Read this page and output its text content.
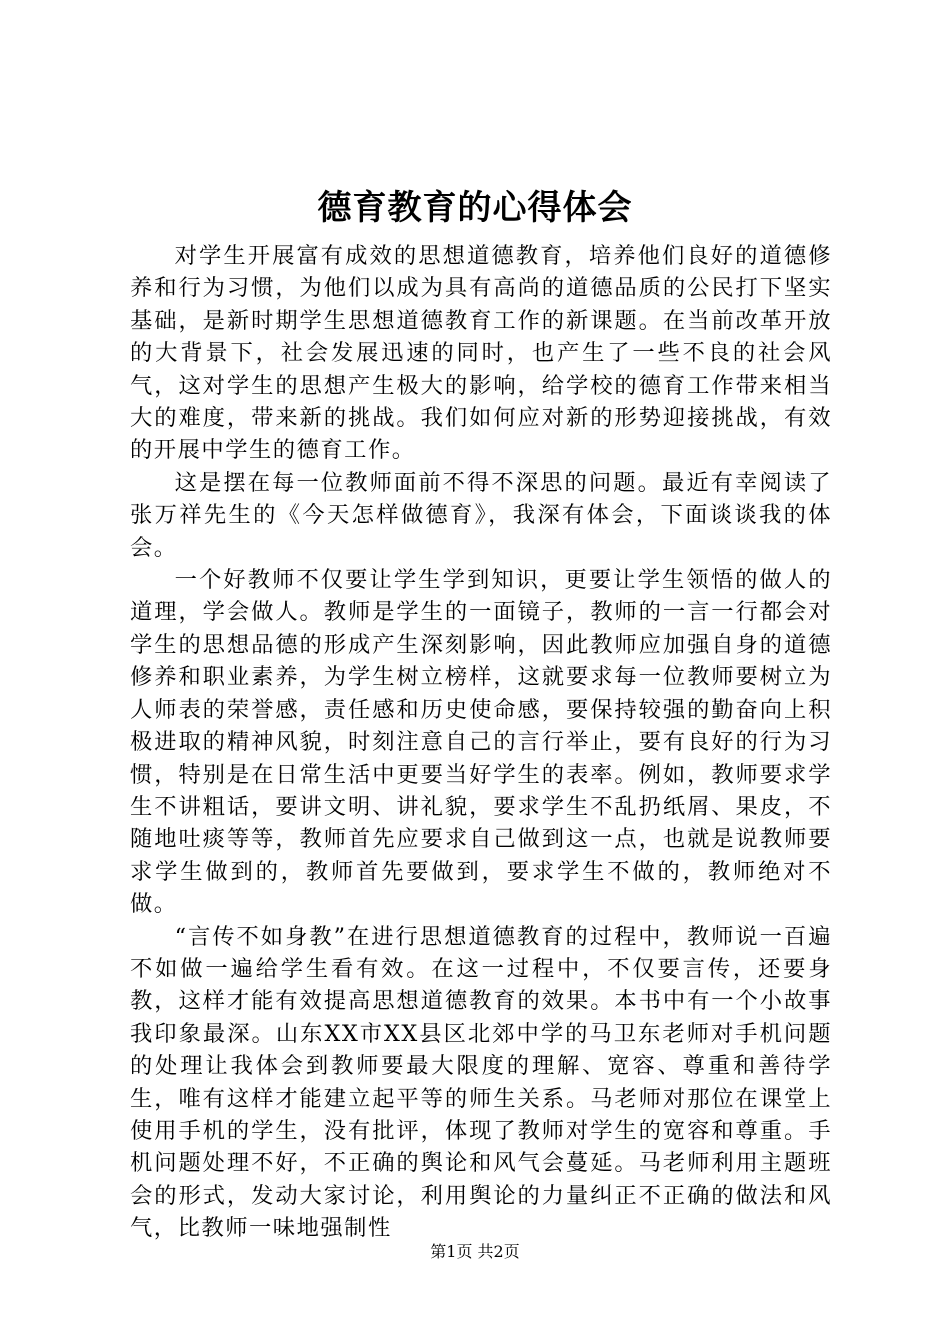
德育教育的心得体会

对学生开展富有成效的思想道德教育，培养他们良好的道德修养和行为习惯，为他们以成为具有高尚的道德品质的公民打下坚实基础，是新时期学生思想道德教育工作的新课题。在当前改革开放的大背景下，社会发展迅速的同时，也产生了一些不良的社会风气，这对学生的思想产生极大的影响，给学校的德育工作带来相当大的难度，带来新的挑战。我们如何应对新的形势迎接挑战，有效的开展中学生的德育工作。

这是摆在每一位教师面前不得不深思的问题。最近有幸阅读了张万祥先生的《今天怎样做德育》，我深有体会，下面谈谈我的体会。

一个好教师不仅要让学生学到知识，更要让学生领悟的做人的道理，学会做人。教师是学生的一面镜子，教师的一言一行都会对学生的思想品德的形成产生深刻影响，因此教师应加强自身的道德修养和职业素养，为学生树立榜样，这就要求每一位教师要树立为人师表的荣誉感，责任感和历史使命感，要保持较强的勤奋向上积极进取的精神风貌，时刻注意自己的言行举止，要有良好的行为习惯，特别是在日常生活中更要当好学生的表率。例如，教师要求学生不讲粗话，要讲文明、讲礼貌，要求学生不乱扔纸屑、果皮，不随地吐痰等等，教师首先应要求自己做到这一点，也就是说教师要求学生做到的，教师首先要做到，要求学生不做的，教师绝对不做。

“言传不如身教”在进行思想道德教育的过程中，教师说一百遍不如做一遍给学生看有效。在这一过程中，不仅要言传，还要身教，这样才能有效提高思想道德教育的效果。本书中有一个小故事我印象最深。山东XX市XX县区北郊中学的马卫东老师对手机问题的处理让我体会到教师要最大限度的理解、宽容、尊重和善待学生，唯有这样才能建立起平等的师生关系。马老师对那位在课堂上使用手机的学生，没有批评，体现了教师对学生的宽容和尊重。手机问题处理不好，不正确的舆论和风气会蔓延。马老师利用主题班会的形式，发动大家讨论，利用舆论的力量纠正不正确的做法和风气，比教师一味地强制性

第1页 共2页
